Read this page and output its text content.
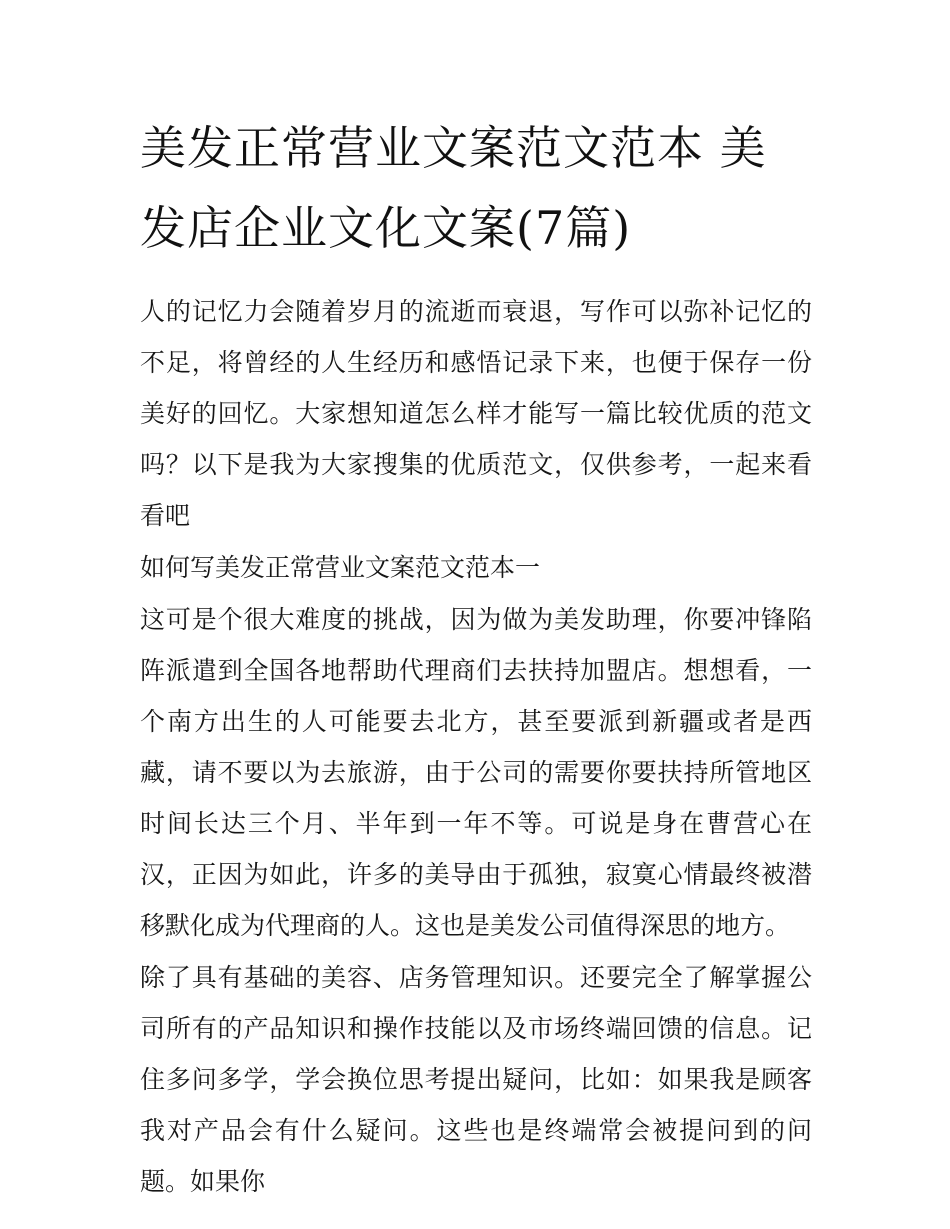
美发正常营业文案范文范本 美发店企业文化文案(7篇)

人的记忆力会随着岁月的流逝而衰退，写作可以弥补记忆的不足，将曾经的人生经历和感悟记录下来，也便于保存一份美好的回忆。大家想知道怎么样才能写一篇比较优质的范文吗？以下是我为大家搜集的优质范文，仅供参考，一起来看看吧

如何写美发正常营业文案范文范本一

这可是个很大难度的挑战，因为做为美发助理，你要冲锋陷阵派遣到全国各地帮助代理商们去扶持加盟店。想想看，一个南方出生的人可能要去北方，甚至要派到新疆或者是西藏，请不要以为去旅游，由于公司的需要你要扶持所管地区时间长达三个月、半年到一年不等。可说是身在曹营心在汉，正因为如此，许多的美导由于孤独，寂寞心情最终被潜移默化成为代理商的人。这也是美发公司值得深思的地方。

除了具有基础的美容、店务管理知识。还要完全了解掌握公司所有的产品知识和操作技能以及市场终端回馈的信息。记住多问多学，学会换位思考提出疑问，比如：如果我是顾客我对产品会有什么疑问。这些也是终端常会被提问到的问题。如果你
